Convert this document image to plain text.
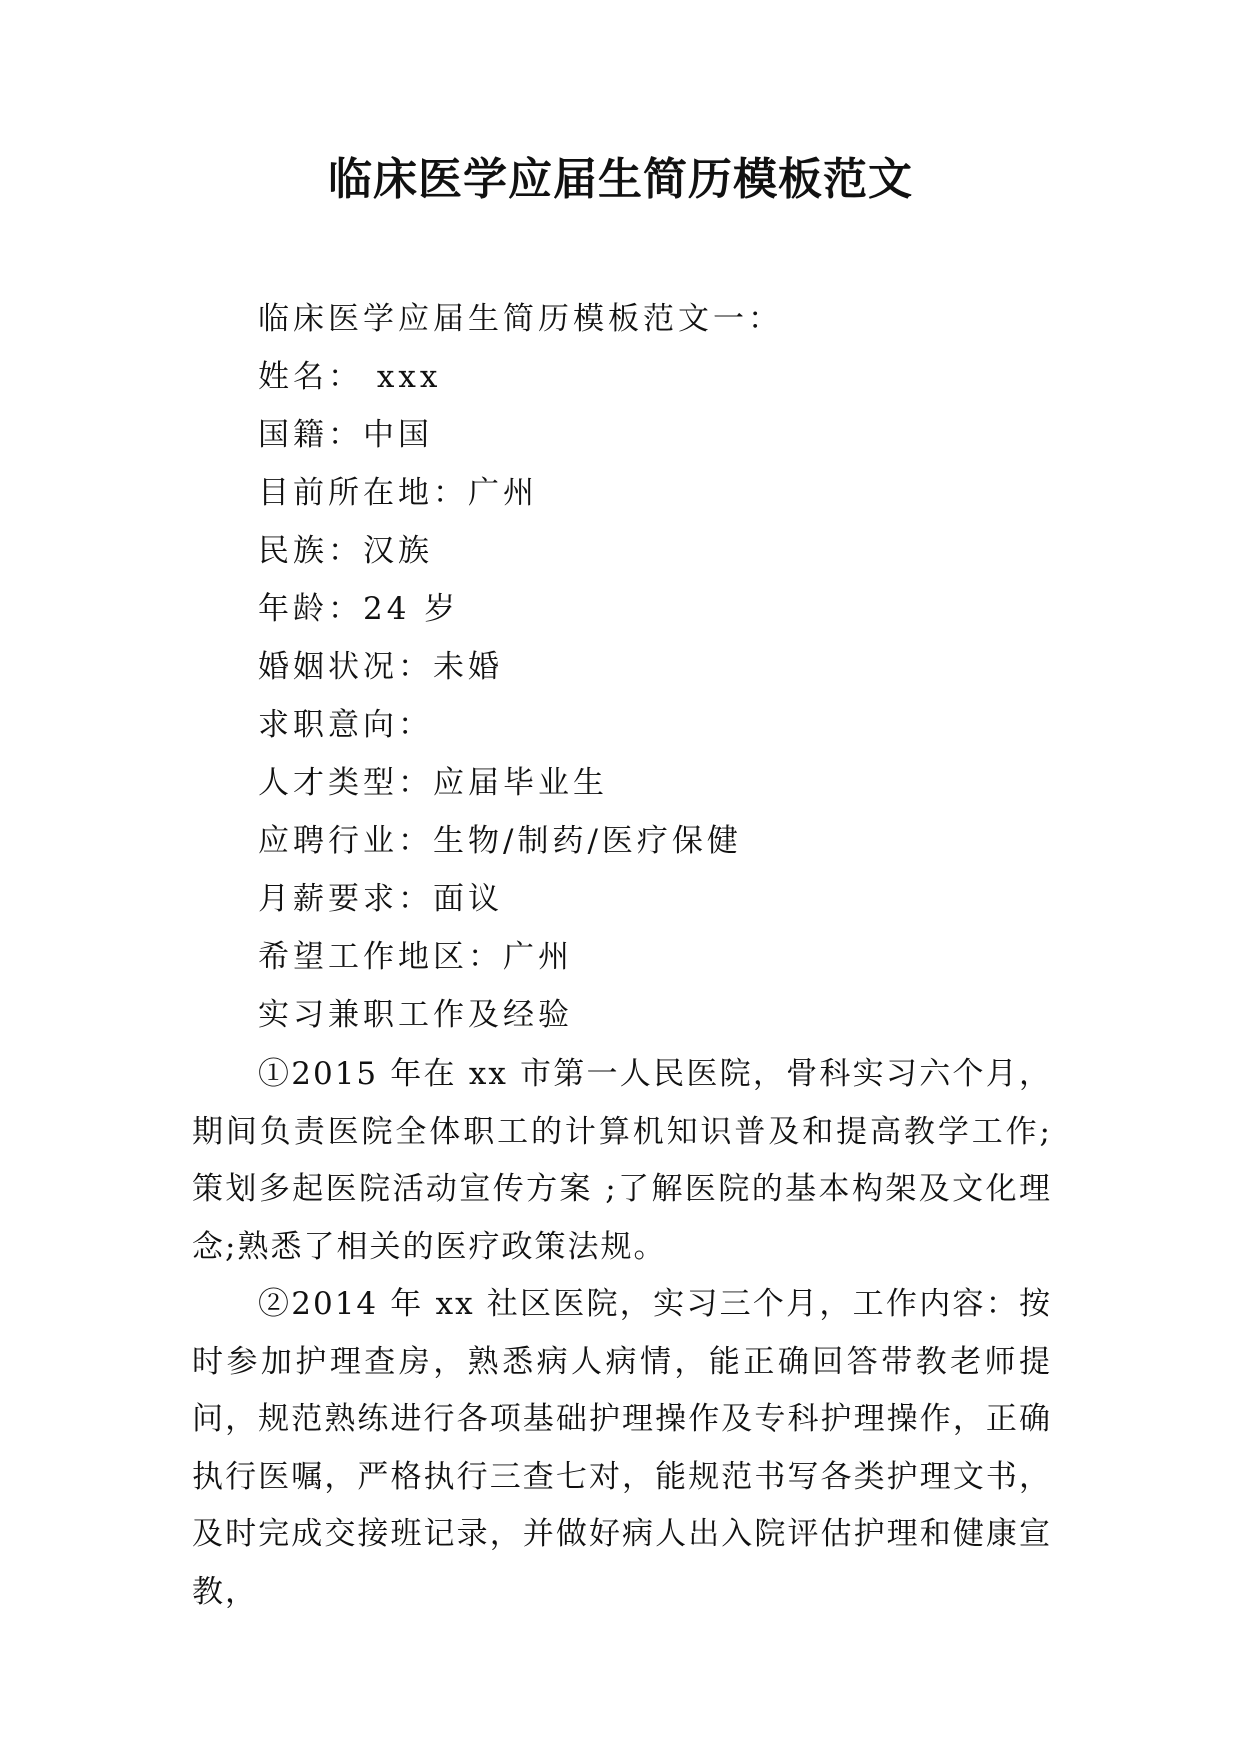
临床医学应届生简历模板范文
临床医学应届生简历模板范文一：
姓名： xxx
国籍：中国
目前所在地：广州
民族：汉族
年龄：24 岁
婚姻状况：未婚
求职意向：
人才类型：应届毕业生
应聘行业：生物/制药/医疗保健
月薪要求：面议
希望工作地区：广州
实习兼职工作及经验

①2015 年在 xx 市第一人民医院，骨科实习六个月，期间负责医院全体职工的计算机知识普及和提高教学工作;策划多起医院活动宣传方案 ;了解医院的基本构架及文化理念;熟悉了相关的医疗政策法规。

②2014 年 xx 社区医院，实习三个月，工作内容：按时参加护理查房，熟悉病人病情，能正确回答带教老师提问，规范熟练进行各项基础护理操作及专科护理操作，正确执行医嘱，严格执行三查七对，能规范书写各类护理文书，及时完成交接班记录，并做好病人出入院评估护理和健康宣教，
